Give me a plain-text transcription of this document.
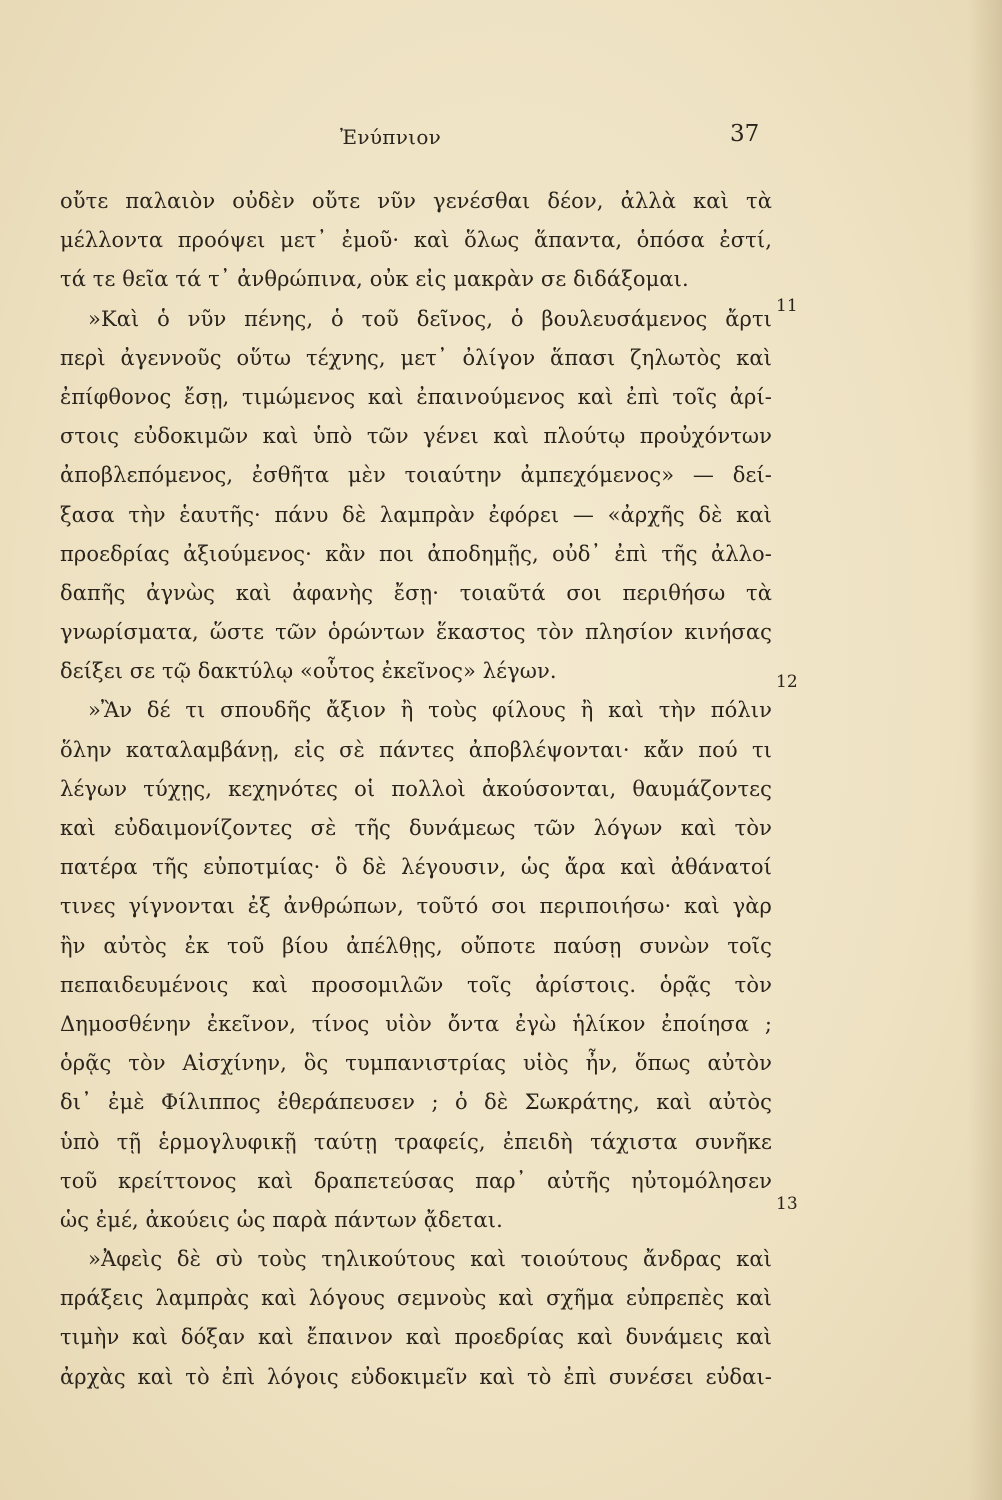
Ἐνύπνιον	37
οὔτε παλαιὸν οὐδὲν οὔτε νῦν γενέσθαι δέον, ἀλλὰ καὶ τὰ
μέλλοντα προόψει μετ᾽ ἐμοῦ· καὶ ὅλως ἅπαντα, ὁπόσα ἐστί,
τά τε θεῖα τά τ᾽ ἀνθρώπινα, οὐκ εἰς μακρὰν σε διδάξομαι.
»Καὶ ὁ νῦν πένης, ὁ τοῦ δεῖνος, ὁ βουλευσάμενος ἄρτι
περὶ ἀγεννοῦς οὕτω τέχνης, μετ᾽ ὀλίγον ἅπασι ζηλωτὸς καὶ
ἐπίφθονος ἔσῃ, τιμώμενος καὶ ἐπαινούμενος καὶ ἐπὶ τοῖς ἀρί-
στοις εὐδοκιμῶν καὶ ὑπὸ τῶν γένει καὶ πλούτῳ προὐχόντων
ἀποβλεπόμενος, ἐσθῆτα μὲν τοιαύτην ἀμπεχόμενος» — δεί-
ξασα τὴν ἑαυτῆς· πάνυ δὲ λαμπρὰν ἐφόρει — «ἀρχῆς δὲ καὶ
προεδρίας ἀξιούμενος· κἂν ποι ἀποδημῇς, οὐδ᾽ ἐπὶ τῆς ἀλλο-
δαπῆς ἀγνὼς καὶ ἀφανὴς ἔσῃ· τοιαῦτά σοι περιθήσω τὰ
γνωρίσματα, ὥστε τῶν ὁρώντων ἕκαστος τὸν πλησίον κινήσας
δείξει σε τῷ δακτύλῳ «οὗτος ἐκεῖνος» λέγων.
»Ἂν δέ τι σπουδῆς ἄξιον ἢ τοὺς φίλους ἢ καὶ τὴν πόλιν
ὅλην καταλαμβάνῃ, εἰς σὲ πάντες ἀποβλέψονται· κἄν πού τι
λέγων τύχῃς, κεχηνότες οἱ πολλοὶ ἀκούσονται, θαυμάζοντες
καὶ εὐδαιμονίζοντες σὲ τῆς δυνάμεως τῶν λόγων καὶ τὸν
πατέρα τῆς εὐποτμίας· ὃ δὲ λέγουσιν, ὡς ἄρα καὶ ἀθάνατοί
τινες γίγνονται ἐξ ἀνθρώπων, τοῦτό σοι περιποιήσω· καὶ γὰρ
ἢν αὐτὸς ἐκ τοῦ βίου ἀπέλθῃς, οὔποτε παύσῃ συνὼν τοῖς
πεπαιδευμένοις καὶ προσομιλῶν τοῖς ἀρίστοις. ὁρᾷς τὸν
Δημοσθένην ἐκεῖνον, τίνος υἱὸν ὄντα ἐγὼ ἡλίκον ἐποίησα ;
ὁρᾷς τὸν Αἰσχίνην, ὃς τυμπανιστρίας υἱὸς ἦν, ὅπως αὐτὸν
δι᾽ ἐμὲ Φίλιππος ἐθεράπευσεν ; ὁ δὲ Σωκράτης, καὶ αὐτὸς
ὑπὸ τῇ ἑρμογλυφικῇ ταύτῃ τραφείς, ἐπειδὴ τάχιστα συνῆκε
τοῦ κρείττονος καὶ δραπετεύσας παρ᾽ αὐτῆς ηὐτομόλησεν
ὡς ἐμέ, ἀκούεις ὡς παρὰ πάντων ᾄδεται.
»Ἀφεὶς δὲ σὺ τοὺς τηλικούτους καὶ τοιούτους ἄνδρας καὶ
πράξεις λαμπρὰς καὶ λόγους σεμνοὺς καὶ σχῆμα εὐπρεπὲς καὶ
τιμὴν καὶ δόξαν καὶ ἔπαινον καὶ προεδρίας καὶ δυνάμεις καὶ
ἀρχὰς καὶ τὸ ἐπὶ λόγοις εὐδοκιμεῖν καὶ τὸ ἐπὶ συνέσει εὐδαι-
11
12
13
